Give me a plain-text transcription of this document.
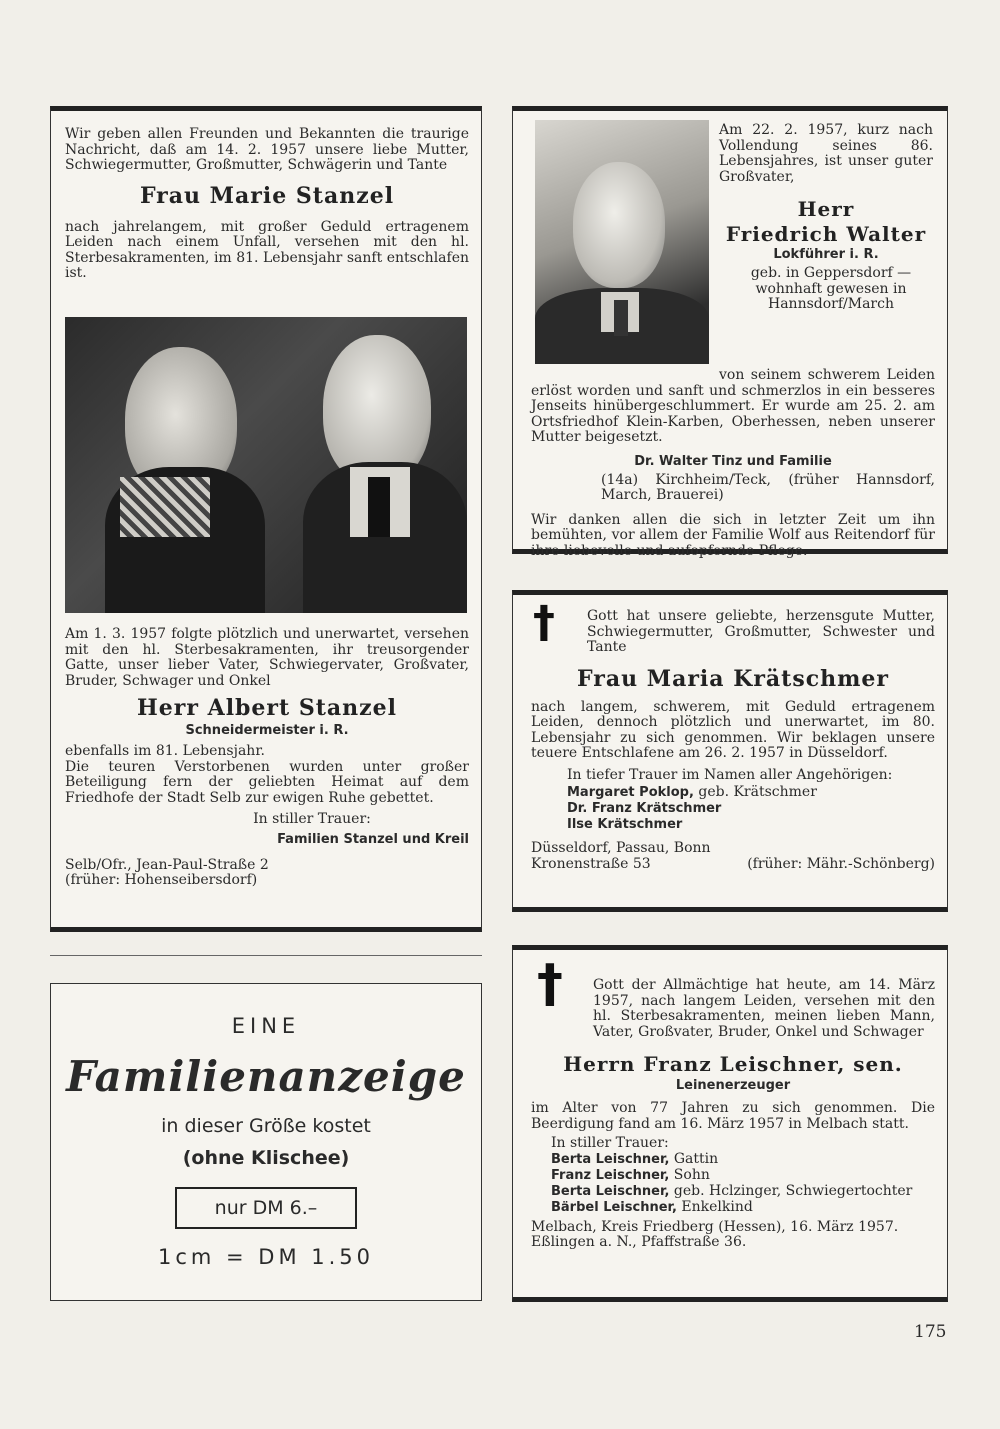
Wir geben allen Freunden und Bekannten die traurige Nachricht, daß am 14. 2. 1957 unsere liebe Mutter, Schwiegermutter, Großmutter, Schwägerin und Tante

Frau Marie Stanzel

nach jahrelangem, mit großer Geduld ertragenem Leiden nach einem Unfall, versehen mit den hl. Sterbesakramenten, im 81. Lebensjahr sanft entschlafen ist.

Am 1. 3. 1957 folgte plötzlich und unerwartet, versehen mit den hl. Sterbesakramenten, ihr treusorgender Gatte, unser lieber Vater, Schwiegervater, Großvater, Bruder, Schwager und Onkel

Herr Albert Stanzel

Schneidermeister i. R.

ebenfalls im 81. Lebensjahr.

Die teuren Verstorbenen wurden unter großer Beteiligung fern der geliebten Heimat auf dem Friedhofe der Stadt Selb zur ewigen Ruhe gebettet.

In stiller Trauer:

Familien Stanzel und Kreil

Selb/Ofr., Jean-Paul-Straße 2

(früher: Hohenseibersdorf)

Am 22. 2. 1957, kurz nach Vollendung seines 86. Lebensjahres, ist unser guter Großvater,

Herr

Friedrich Walter

Lokführer i. R.

geb. in Geppersdorf — wohnhaft gewesen in Hannsdorf/March

von seinem schwerem Leiden erlöst worden und sanft und schmerzlos in ein besseres Jenseits hinübergeschlummert. Er wurde am 25. 2. am Ortsfriedhof Klein-Karben, Oberhessen, neben unserer Mutter beigesetzt.

Dr. Walter Tinz und Familie

(14a) Kirchheim/Teck, (früher Hannsdorf, March, Brauerei)

Wir danken allen die sich in letzter Zeit um ihn bemühten, vor allem der Familie Wolf aus Reitendorf für ihre liebevolle und aufopfernde Pflege.

†	Gott hat unsere geliebte, herzensgute Mutter, Schwiegermutter, Großmutter, Schwester und Tante

Frau Maria Krätschmer

nach langem, schwerem, mit Geduld ertragenem Leiden, dennoch plötzlich und unerwartet, im 80. Lebensjahr zu sich genommen. Wir beklagen unsere teuere Entschlafene am 26. 2. 1957 in Düsseldorf.

In tiefer Trauer im Namen aller Angehörigen:

Margaret Poklop, geb. Krätschmer

Dr. Franz Krätschmer

Ilse Krätschmer

Düsseldorf, Passau, Bonn

Kronenstraße 53	(früher: Mähr.-Schönberg)

†	Gott der Allmächtige hat heute, am 14. März 1957, nach langem Leiden, versehen mit den hl. Sterbesakramenten, meinen lieben Mann, Vater, Großvater, Bruder, Onkel und Schwager

Herrn Franz Leischner, sen.

Leinenerzeuger

im Alter von 77 Jahren zu sich genommen. Die Beerdigung fand am 16. März 1957 in Melbach statt.

In stiller Trauer:

Berta Leischner, Gattin

Franz Leischner, Sohn

Berta Leischner, geb. Hclzinger, Schwiegertochter

Bärbel Leischner, Enkelkind

Melbach, Kreis Friedberg (Hessen), 16. März 1957.

Eßlingen a. N., Pfaffstraße 36.

EINE

Familienanzeige

in dieser Größe kostet

(ohne Klischee)

nur DM 6.–

1cm = DM 1.50

175
